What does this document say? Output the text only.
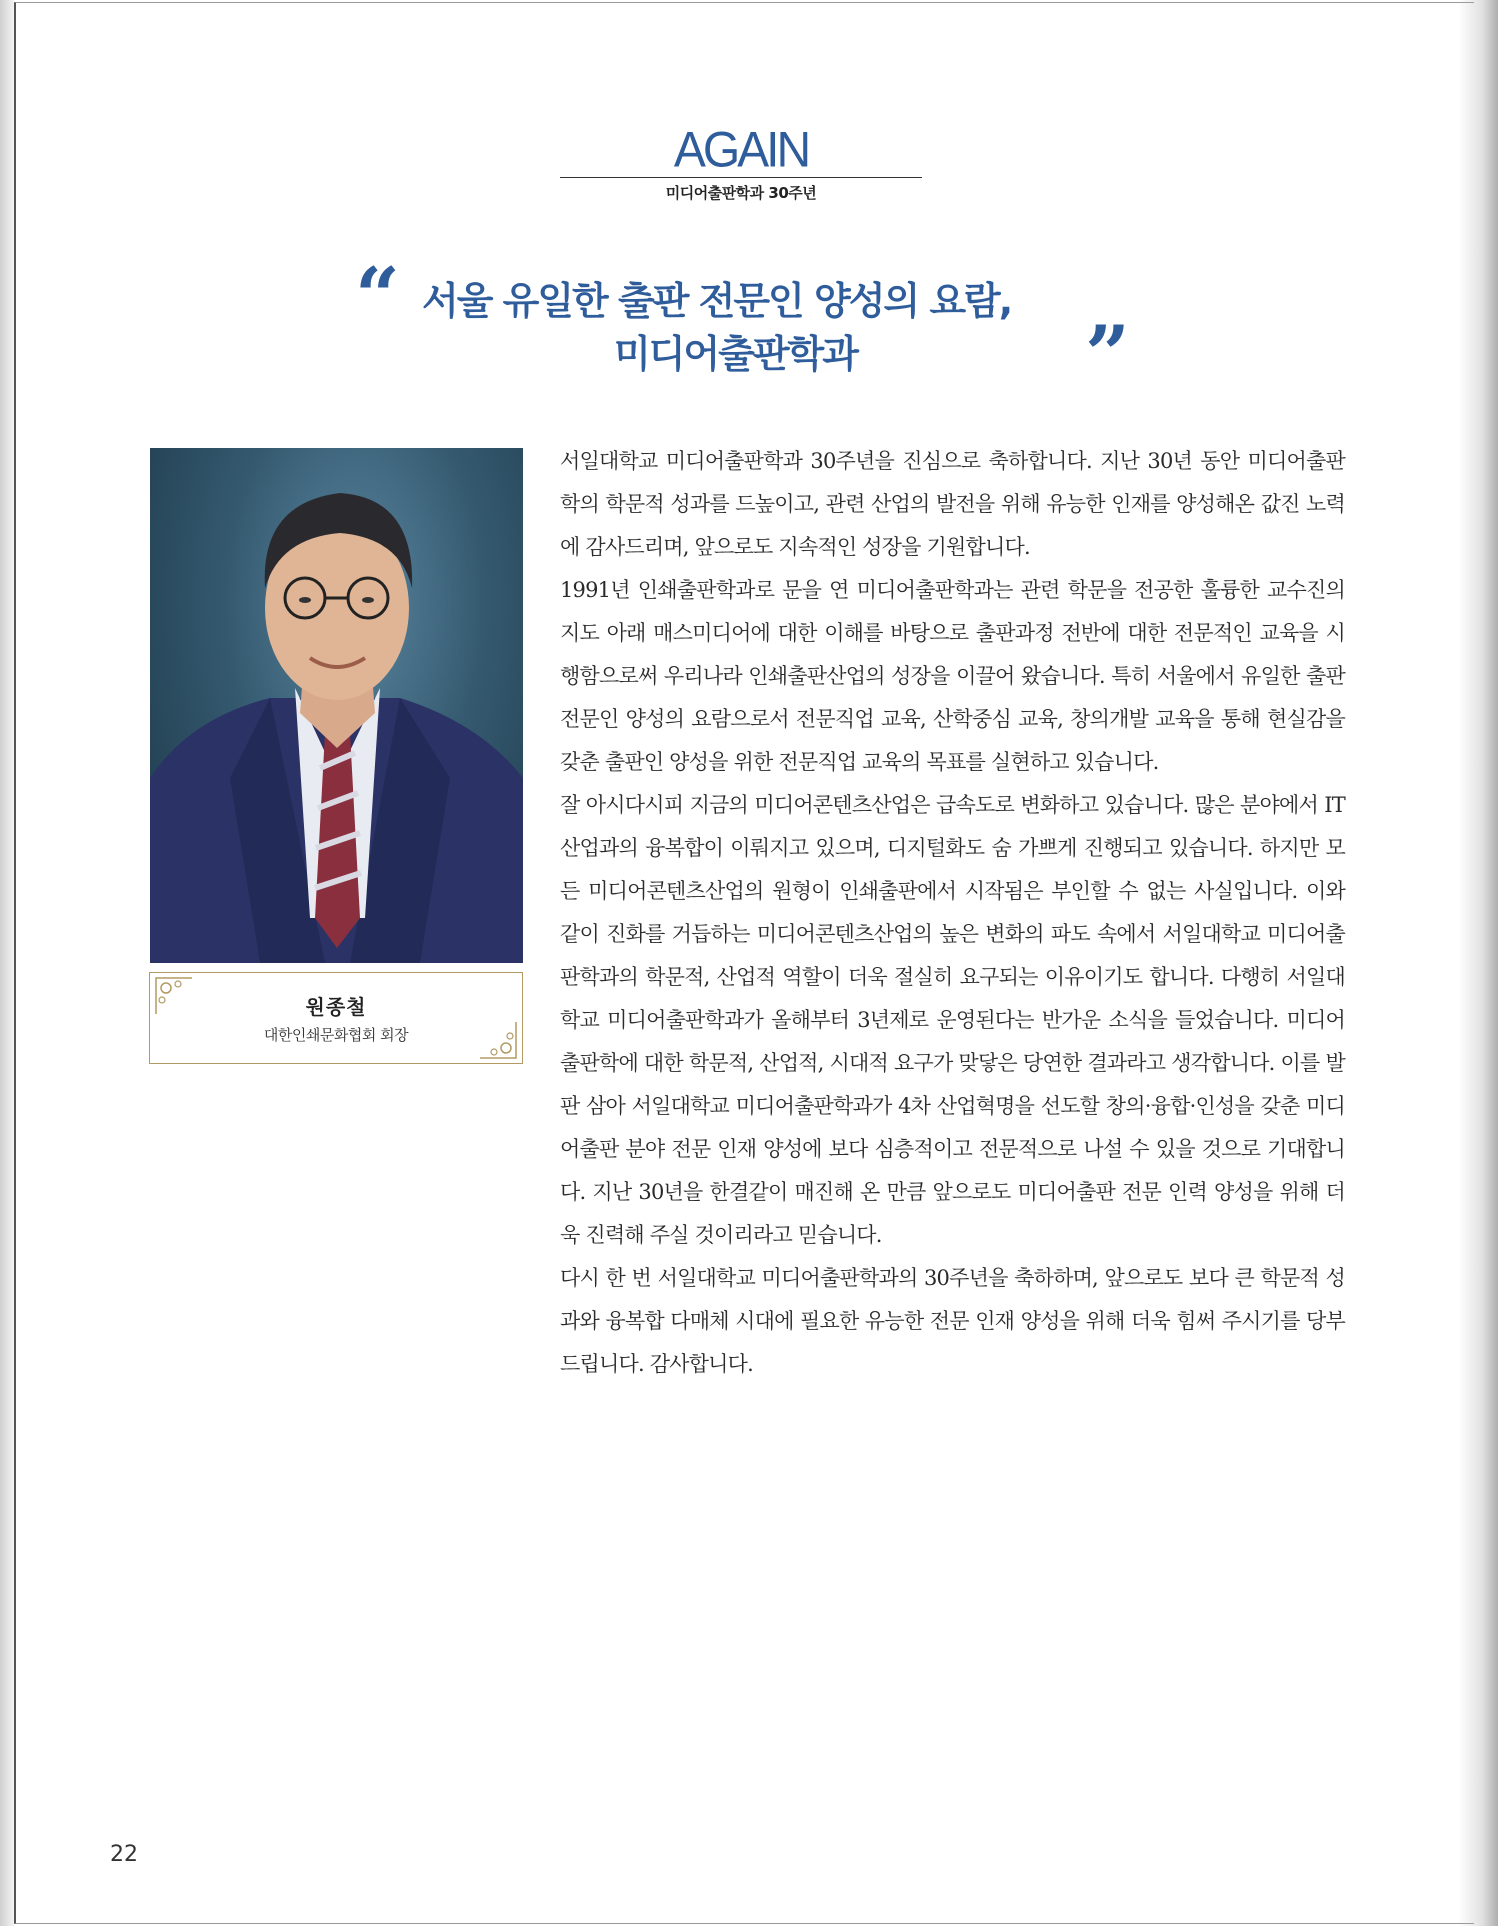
AGAIN
미디어출판학과 30주년
“ 서울 유일한 출판 전문인 양성의 요람,
미디어출판학과	”
원종철
대한인쇄문화협회 회장

서일대학교 미디어출판학과 30주년을 진심으로 축하합니다. 지난 30년 동안 미디어출판학의 학문적 성과를 드높이고, 관련 산업의 발전을 위해 유능한 인재를 양성해온 값진 노력에 감사드리며, 앞으로도 지속적인 성장을 기원합니다.

1991년 인쇄출판학과로 문을 연 미디어출판학과는 관련 학문을 전공한 훌륭한 교수진의 지도 아래 매스미디어에 대한 이해를 바탕으로 출판과정 전반에 대한 전문적인 교육을 시행함으로써 우리나라 인쇄출판산업의 성장을 이끌어 왔습니다. 특히 서울에서 유일한 출판 전문인 양성의 요람으로서 전문직업 교육, 산학중심 교육, 창의개발 교육을 통해 현실감을 갖춘 출판인 양성을 위한 전문직업 교육의 목표를 실현하고 있습니다.

잘 아시다시피 지금의 미디어콘텐츠산업은 급속도로 변화하고 있습니다. 많은 분야에서 IT산업과의 융복합이 이뤄지고 있으며, 디지털화도 숨 가쁘게 진행되고 있습니다. 하지만 모든 미디어콘텐츠산업의 원형이 인쇄출판에서 시작됨은 부인할 수 없는 사실입니다. 이와 같이 진화를 거듭하는 미디어콘텐츠산업의 높은 변화의 파도 속에서 서일대학교 미디어출판학과의 학문적, 산업적 역할이 더욱 절실히 요구되는 이유이기도 합니다. 다행히 서일대학교 미디어출판학과가 올해부터 3년제로 운영된다는 반가운 소식을 들었습니다. 미디어출판학에 대한 학문적, 산업적, 시대적 요구가 맞닿은 당연한 결과라고 생각합니다. 이를 발판 삼아 서일대학교 미디어출판학과가 4차 산업혁명을 선도할 창의·융합·인성을 갖춘 미디어출판 분야 전문 인재 양성에 보다 심층적이고 전문적으로 나설 수 있을 것으로 기대합니다. 지난 30년을 한결같이 매진해 온 만큼 앞으로도 미디어출판 전문 인력 양성을 위해 더욱 진력해 주실 것이리라고 믿습니다.

다시 한 번 서일대학교 미디어출판학과의 30주년을 축하하며, 앞으로도 보다 큰 학문적 성과와 융복합 다매체 시대에 필요한 유능한 전문 인재 양성을 위해 더욱 힘써 주시기를 당부 드립니다. 감사합니다.

22
